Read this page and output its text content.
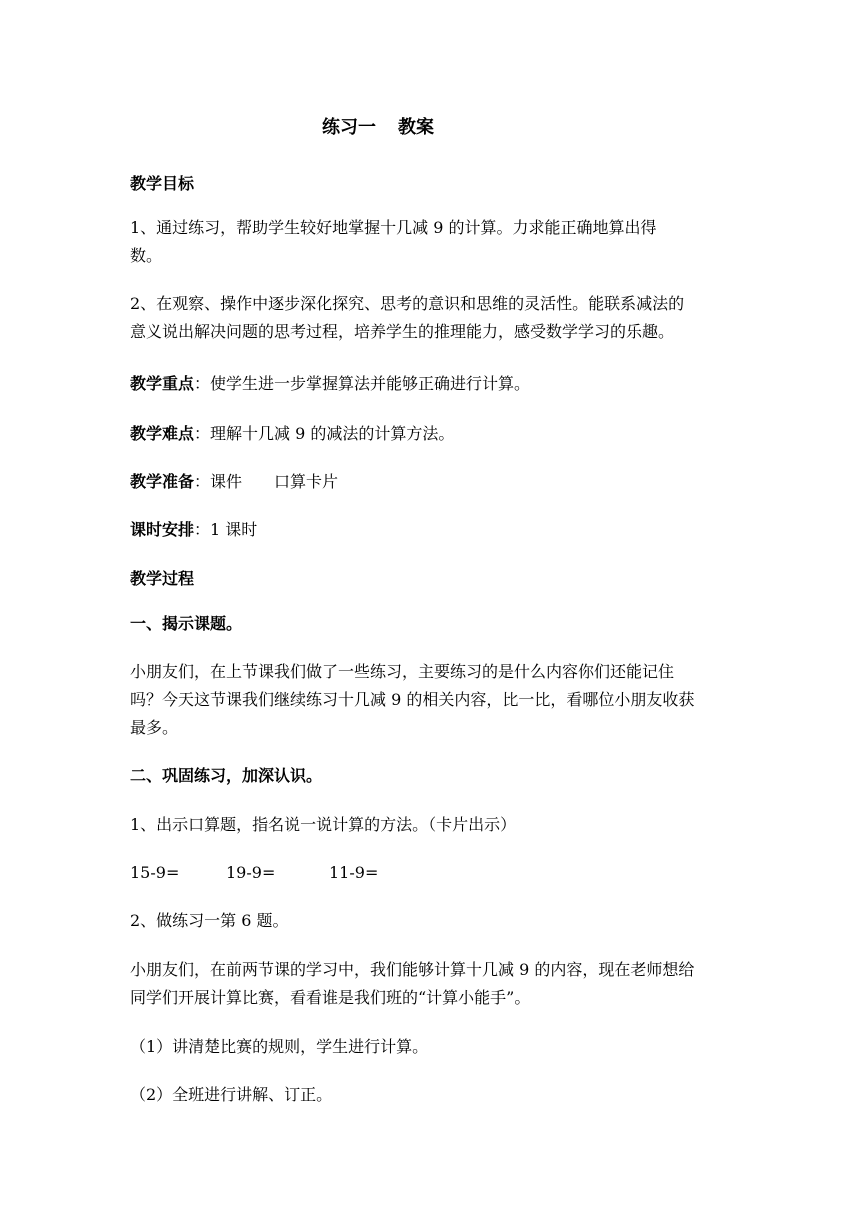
练习一 教案
教学目标
1、通过练习，帮助学生较好地掌握十几减 9 的计算。力求能正确地算出得
数。
2、在观察、操作中逐步深化探究、思考的意识和思维的灵活性。能联系减法的
意义说出解决问题的思考过程，培养学生的推理能力，感受数学学习的乐趣。
教学重点：使学生进一步掌握算法并能够正确进行计算。
教学难点：理解十几减 9 的减法的计算方法。
教学准备：课件　　口算卡片
课时安排：1 课时
教学过程
一、揭示课题。
小朋友们，在上节课我们做了一些练习，主要练习的是什么内容你们还能记住
吗？今天这节课我们继续练习十几减 9 的相关内容，比一比，看哪位小朋友收获
最多。
二、巩固练习，加深认识。
1、出示口算题，指名说一说计算的方法。（卡片出示）
15-9=	19-9=	11-9=
2、做练习一第 6 题。
小朋友们，在前两节课的学习中，我们能够计算十几减 9 的内容，现在老师想给
同学们开展计算比赛，看看谁是我们班的“计算小能手”。
（1）讲清楚比赛的规则，学生进行计算。
（2）全班进行讲解、订正。
